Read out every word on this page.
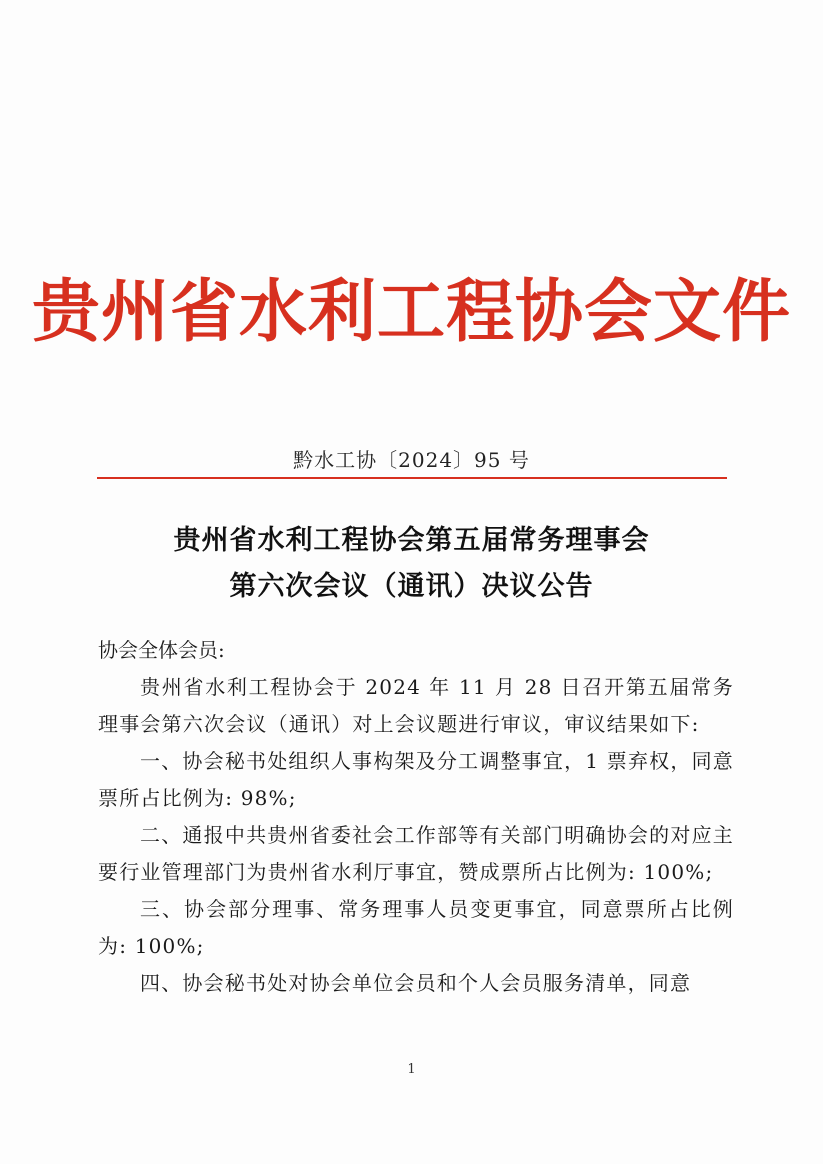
贵州省水利工程协会文件
黔水工协〔2024〕95 号
贵州省水利工程协会第五届常务理事会
第六次会议（通讯）决议公告

协会全体会员:

贵州省水利工程协会于 2024 年 11 月 28 日召开第五届常务理事会第六次会议（通讯）对上会议题进行审议，审议结果如下:

一、协会秘书处组织人事构架及分工调整事宜，1 票弃权，同意票所占比例为: 98%;

二、通报中共贵州省委社会工作部等有关部门明确协会的对应主要行业管理部门为贵州省水利厅事宜，赞成票所占比例为: 100%;

三、协会部分理事、常务理事人员变更事宜，同意票所占比例为: 100%;

四、协会秘书处对协会单位会员和个人会员服务清单，同意

1
